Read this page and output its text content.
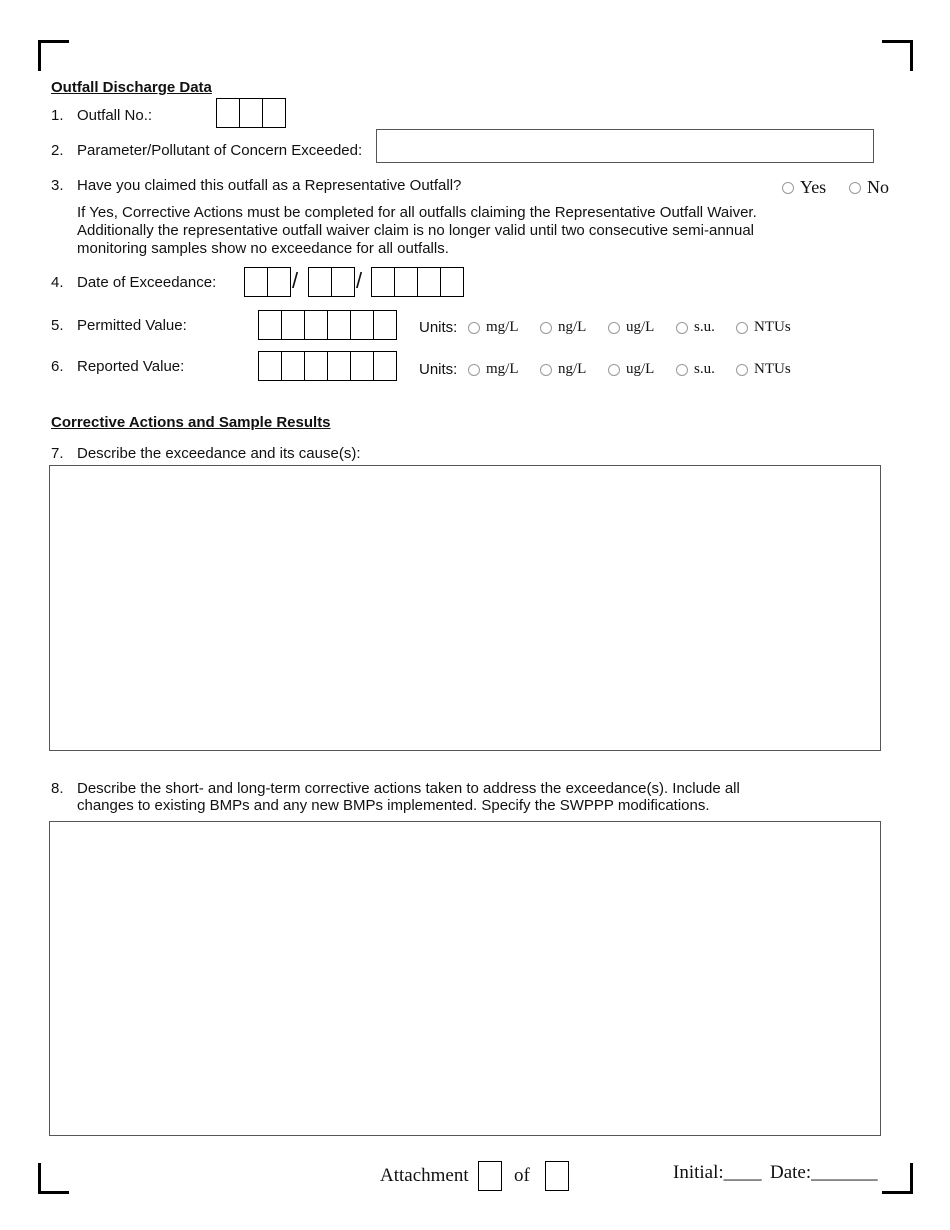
Outfall Discharge Data
1. Outfall No.:
2. Parameter/Pollutant of Concern Exceeded:
3. Have you claimed this outfall as a Representative Outfall?	Yes No
If Yes, Corrective Actions must be completed for all outfalls claiming the Representative Outfall Waiver.
Additionally the representative outfall waiver claim is no longer valid until two consecutive semi-annual
monitoring samples show no exceedance for all outfalls.
4. Date of Exceedance:	/	/
5. Permitted Value:	Units: mg/L	ng/L	ug/L	s.u.	NTUs
6. Reported Value:	Units: mg/L	ng/L	ug/L	s.u.	NTUs
Corrective Actions and Sample Results
7. Describe the exceedance and its cause(s):
8. Describe the short- and long-term corrective actions taken to address the exceedance(s). Include all
changes to existing BMPs and any new BMPs implemented. Specify the SWPPP modifications.
Attachment of	Initial:____ Date:_______
